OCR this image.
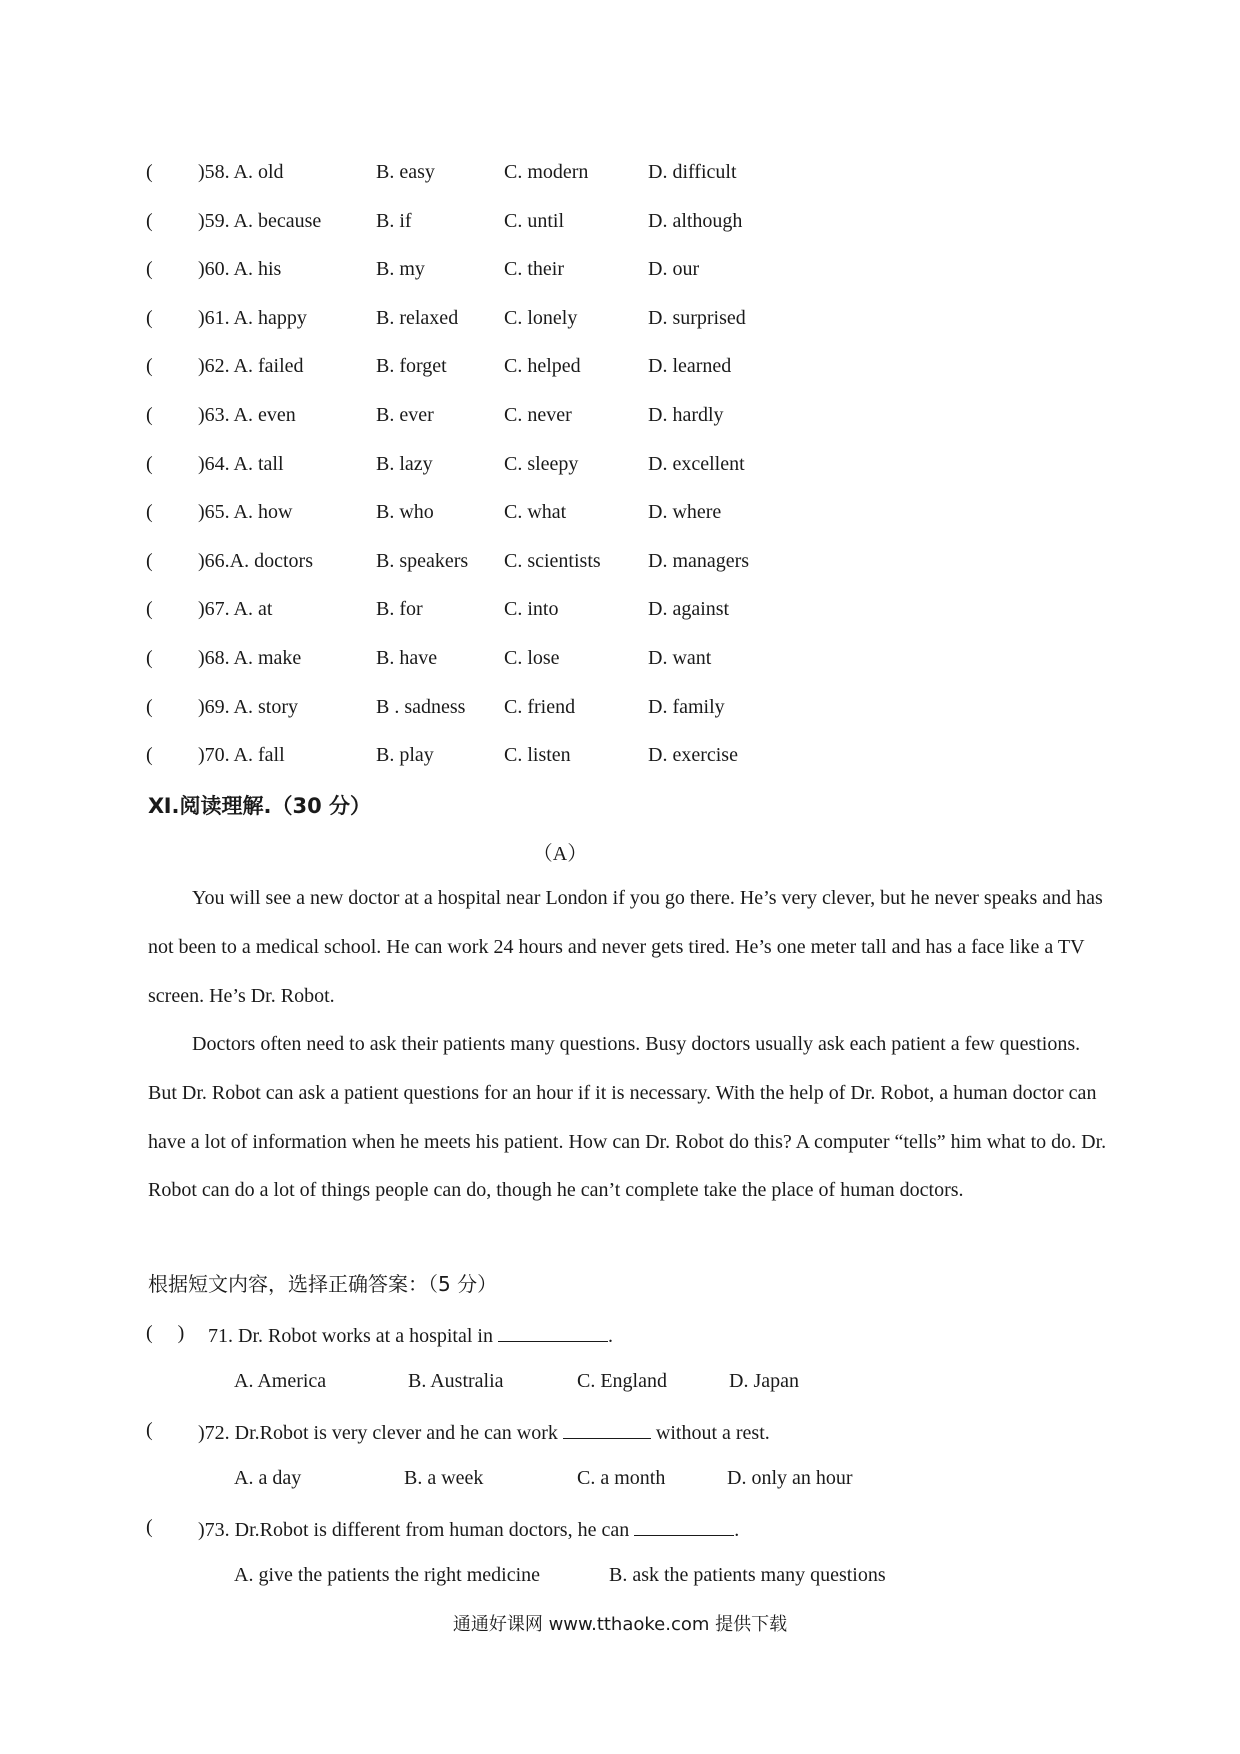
( )58. A. old	B. easy	C. modern	D. difficult
( )59. A. because	B. if	C. until	D. although
( )60. A. his	B. my	C. their	D. our
( )61. A. happy	B. relaxed C. lonely	D. surprised
( )62. A. failed	B. forget	C. helped	D. learned
( )63. A. even	B. ever	C. never	D. hardly
( )64. A. tall	B. lazy	C. sleepy	D. excellent
( )65. A. how	B. who	C. what	D. where
( )66.A. doctors	B. speakers C. scientists D. managers
( )67. A. at	B. for	C. into	D. against
( )68. A. make	B. have	C. lose	D. want
( )69. A. story	B . sadness C. friend	D. family
( )70. A. fall	B. play	C. listen	D. exercise
Ⅺ.阅读理解.（30 分）
（A）

You will see a new doctor at a hospital near London if you go there. He’s very clever, but he never speaks and has not been to a medical school. He can work 24 hours and never gets tired. He’s one meter tall and has a face like a TV screen. He’s Dr. Robot.

Doctors often need to ask their patients many questions. Busy doctors usually ask each patient a few questions. But Dr. Robot can ask a patient questions for an hour if it is necessary. With the help of Dr. Robot, a human doctor can have a lot of information when he meets his patient. How can Dr. Robot do this? A computer “tells” him what to do. Dr. Robot can do a lot of things people can do, though he can’t complete take the place of human doctors.

根据短文内容，选择正确答案：（5 分）
(　 ) 71. Dr. Robot works at a hospital in	.
A. America	B. Australia	C. England	D. Japan
( )72. Dr.Robot is very clever and he can work	without a rest.
A. a day	B. a week	C. a month	D. only an hour
( )73. Dr.Robot is different from human doctors, he can	.
A. give the patients the right medicine	B. ask the patients many questions
通通好课网 www.tthaoke.com 提供下载
